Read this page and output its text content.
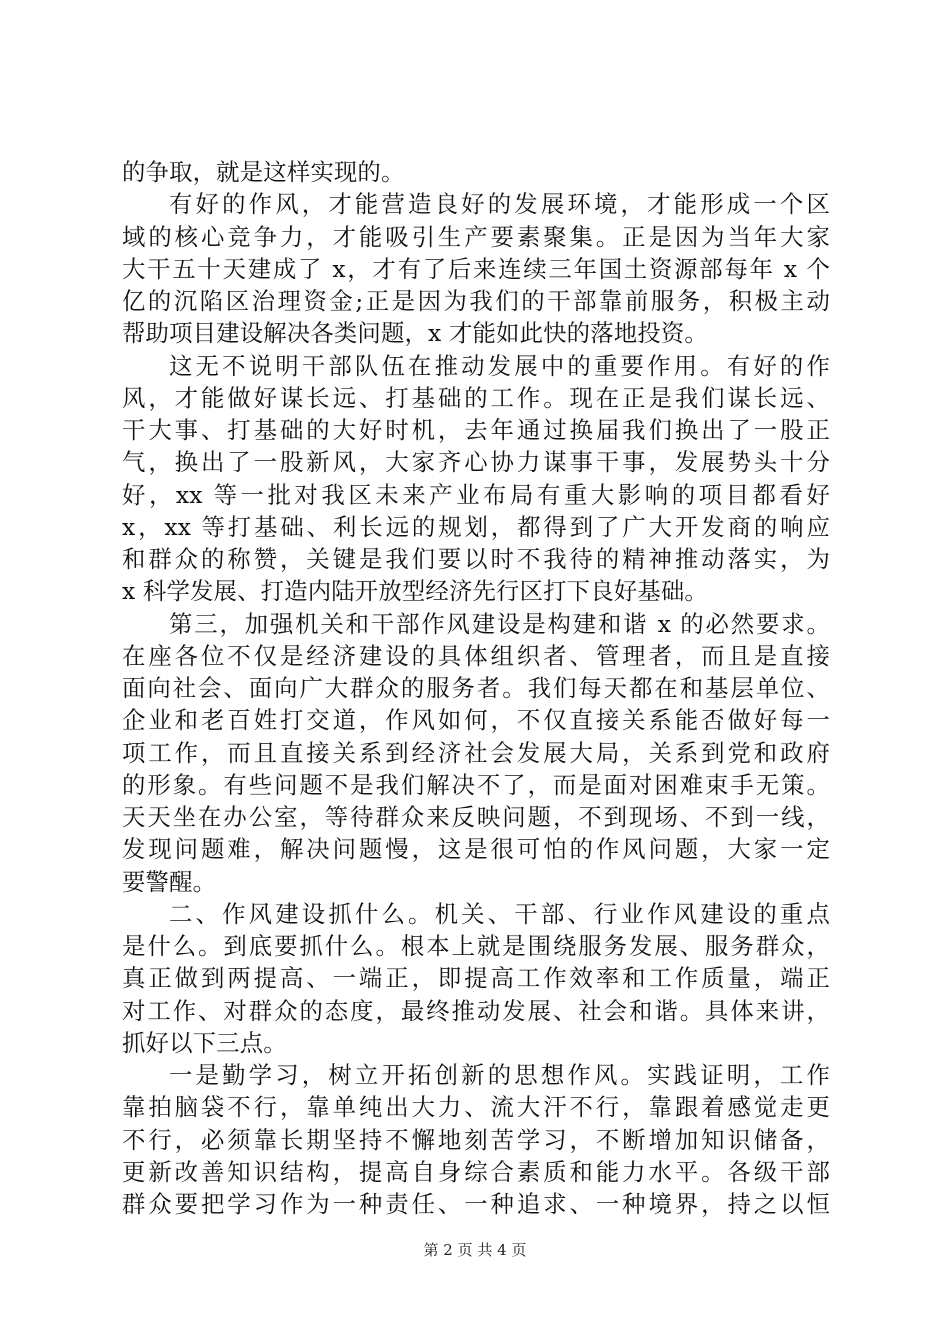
的争取，就是这样实现的。
有好的作风，才能营造良好的发展环境，才能形成一个区
域的核心竞争力，才能吸引生产要素聚集。正是因为当年大家
大干五十天建成了 x，才有了后来连续三年国土资源部每年 x 个
亿的沉陷区治理资金;正是因为我们的干部靠前服务，积极主动
帮助项目建设解决各类问题，x 才能如此快的落地投资。
这无不说明干部队伍在推动发展中的重要作用。有好的作
风，才能做好谋长远、打基础的工作。现在正是我们谋长远、
干大事、打基础的大好时机，去年通过换届我们换出了一股正
气，换出了一股新风，大家齐心协力谋事干事，发展势头十分
好，xx 等一批对我区未来产业布局有重大影响的项目都看好
x，xx 等打基础、利长远的规划，都得到了广大开发商的响应
和群众的称赞，关键是我们要以时不我待的精神推动落实，为
x 科学发展、打造内陆开放型经济先行区打下良好基础。
第三，加强机关和干部作风建设是构建和谐 x 的必然要求。
在座各位不仅是经济建设的具体组织者、管理者，而且是直接
面向社会、面向广大群众的服务者。我们每天都在和基层单位、
企业和老百姓打交道，作风如何，不仅直接关系能否做好每一
项工作，而且直接关系到经济社会发展大局，关系到党和政府
的形象。有些问题不是我们解决不了，而是面对困难束手无策。
天天坐在办公室，等待群众来反映问题，不到现场、不到一线，
发现问题难，解决问题慢，这是很可怕的作风问题，大家一定
要警醒。
二、作风建设抓什么。机关、干部、行业作风建设的重点
是什么。到底要抓什么。根本上就是围绕服务发展、服务群众，
真正做到两提高、一端正，即提高工作效率和工作质量，端正
对工作、对群众的态度，最终推动发展、社会和谐。具体来讲，
抓好以下三点。
一是勤学习，树立开拓创新的思想作风。实践证明，工作
靠拍脑袋不行，靠单纯出大力、流大汗不行，靠跟着感觉走更
不行，必须靠长期坚持不懈地刻苦学习，不断增加知识储备，
更新改善知识结构，提高自身综合素质和能力水平。各级干部
群众要把学习作为一种责任、一种追求、一种境界，持之以恒
第 2 页 共 4 页
